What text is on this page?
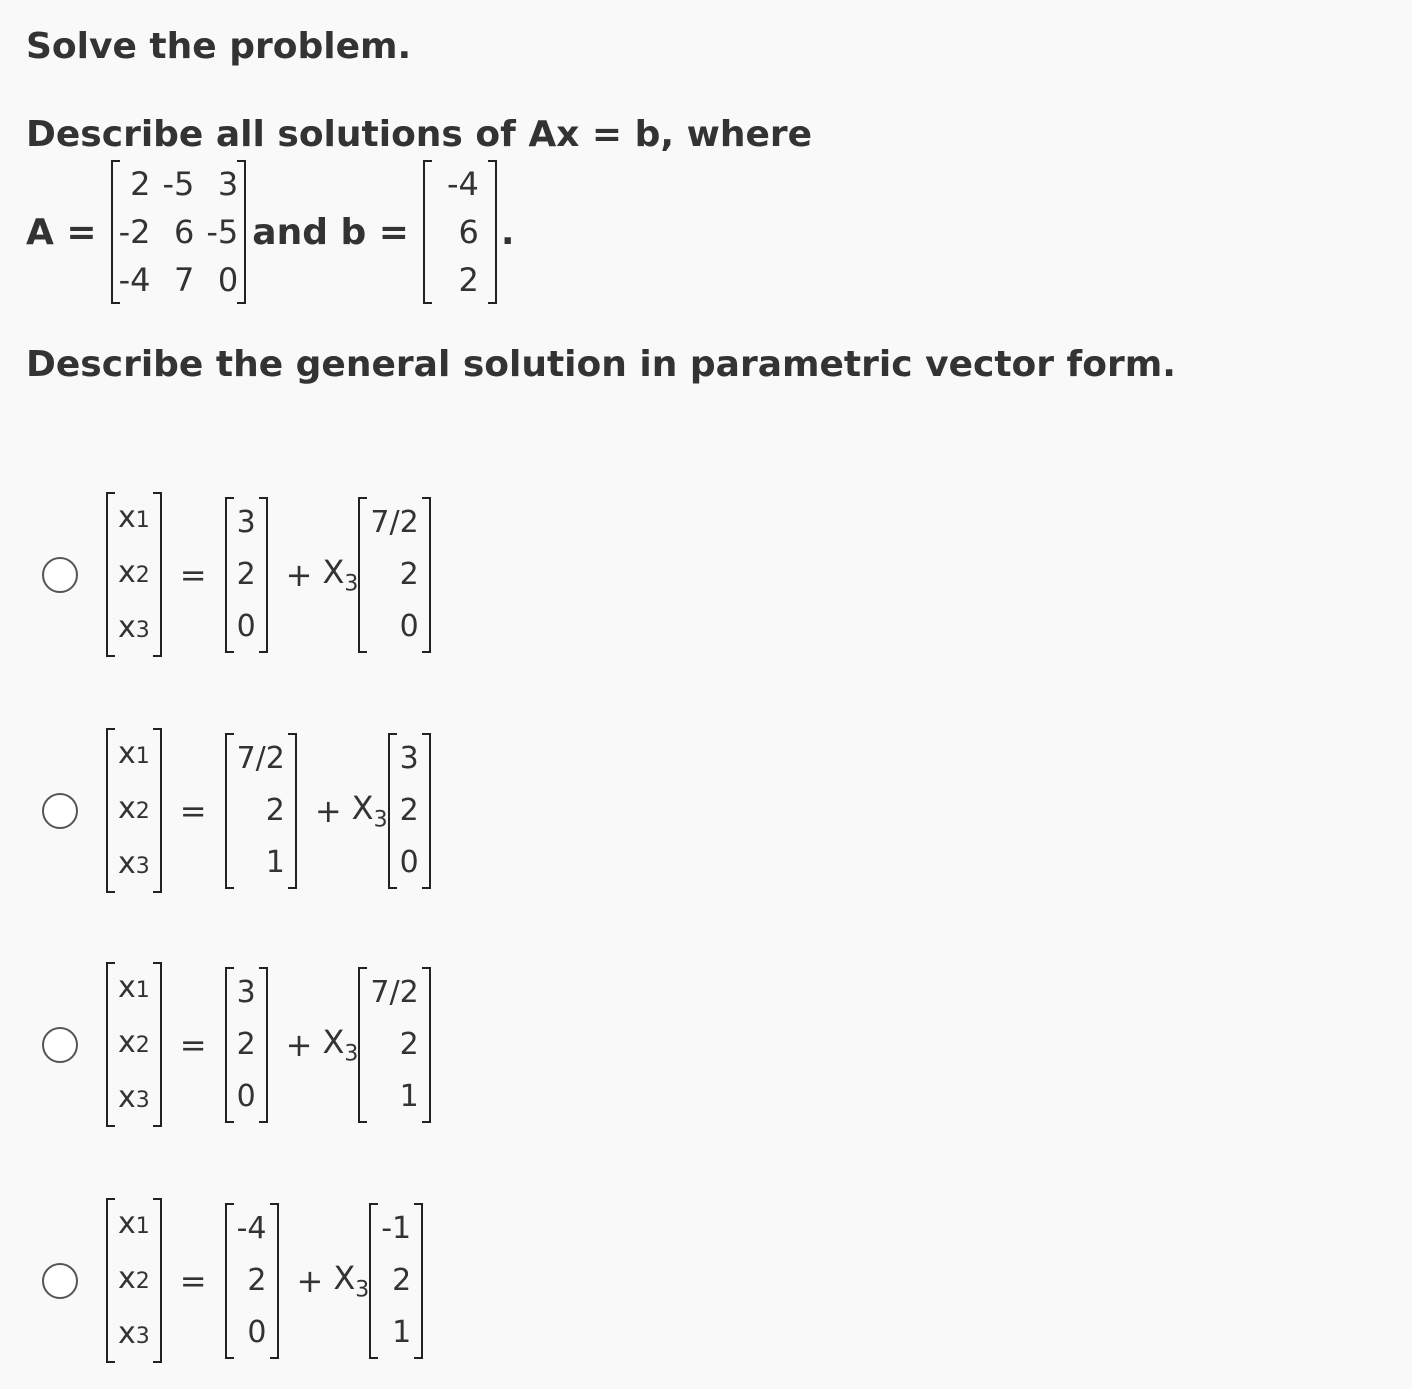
Solve the problem.
Describe all solutions of Ax = b, where
A =
2 -5 3
-2 6 -5
-4 7 0
and b =
-4
6
2
.
Describe the general solution in parametric vector form.
x1
x2
x3
=
3
2
0
+ $X_3$
7/2
2
0
x1
x2
x3
=
7/2
2
1
+ $X_3$
3
2
0
x1
x2
x3
=
3
2
0
+ $X_3$
7/2
2
1
x1
x2
x3
=
-4
2
0
+ $X_3$
-1
2
1
